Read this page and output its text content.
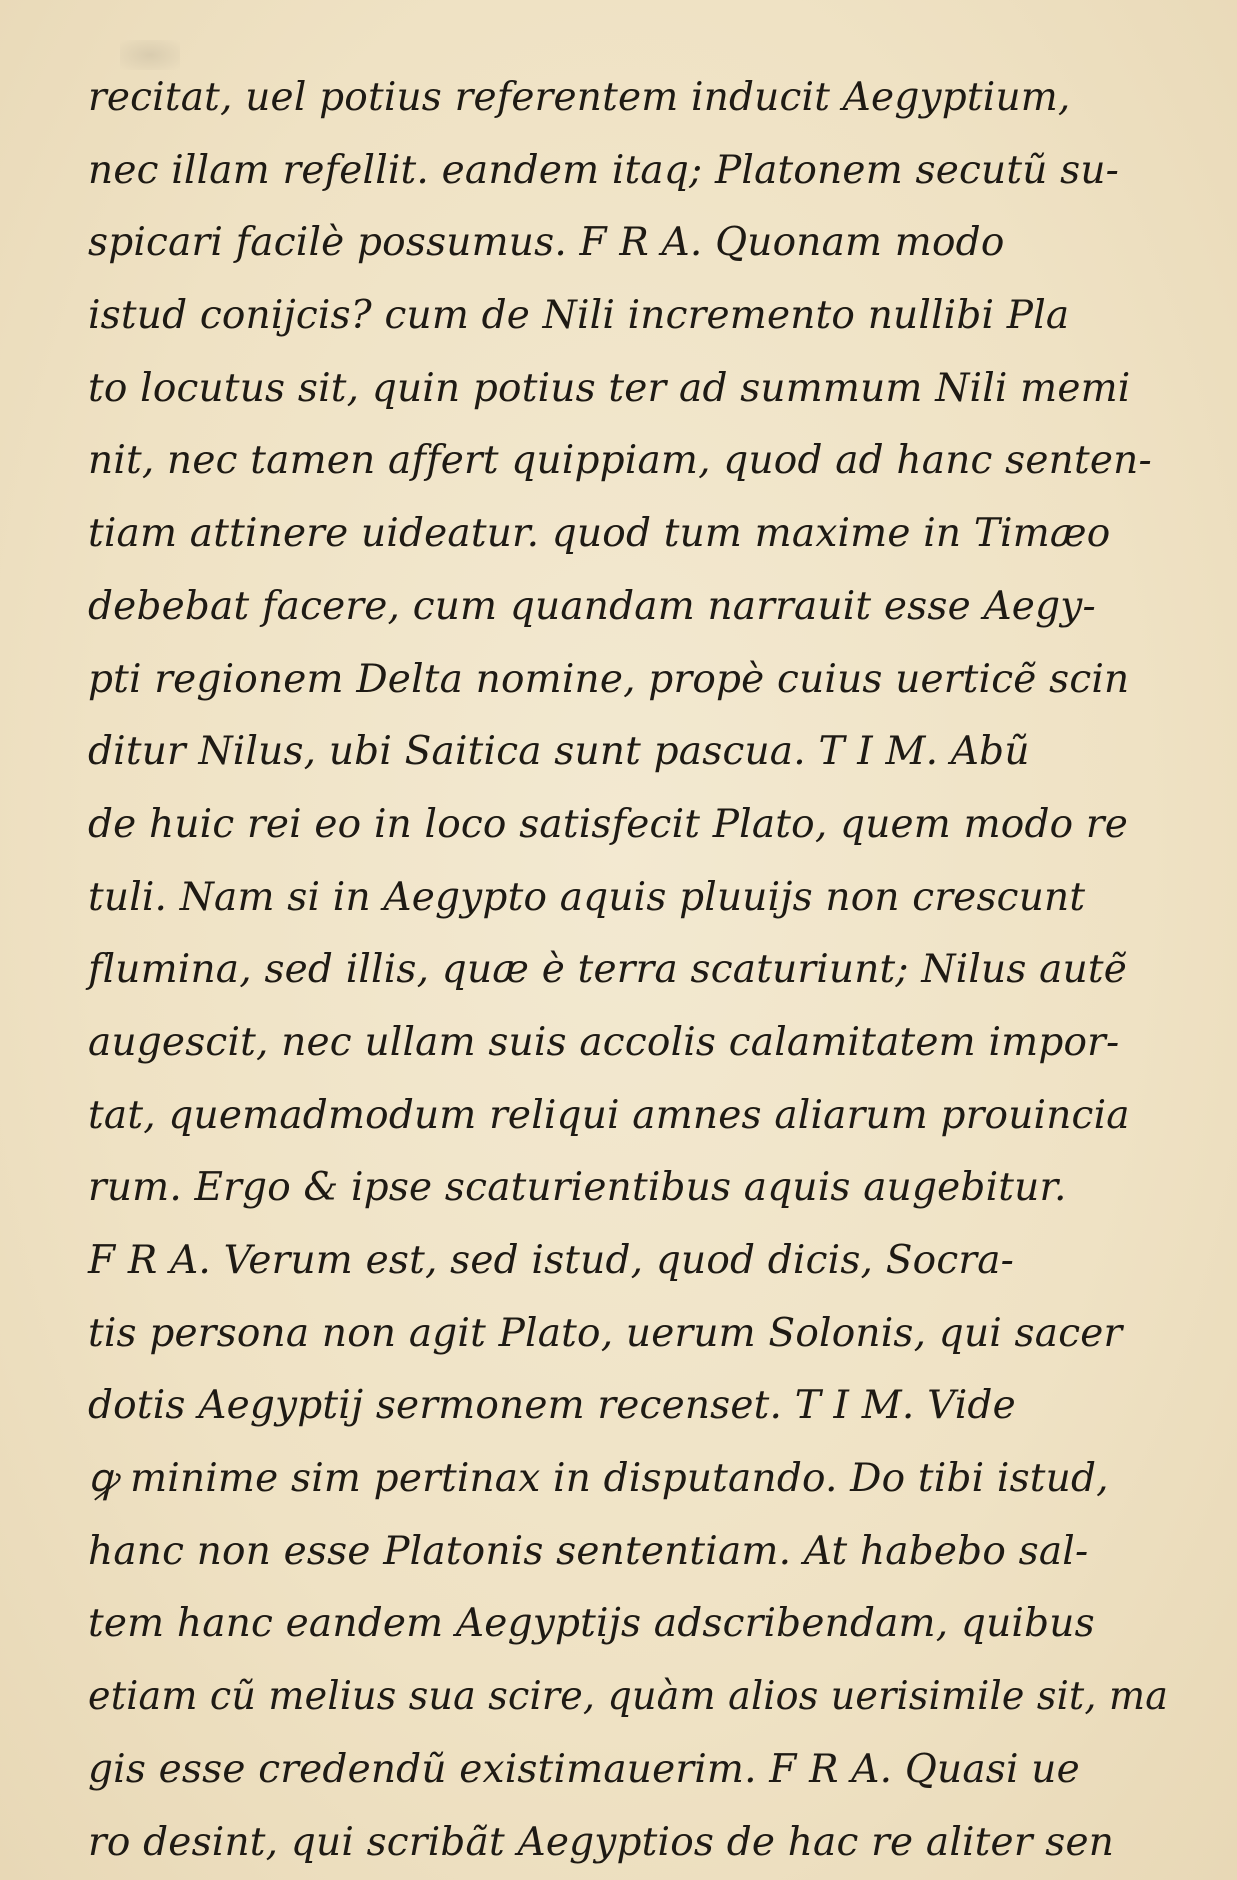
recitat, uel potius referentem inducit Aegyptium,
nec illam refellit. eandem itaq; Platonem secutũ su-
spicari facilè possumus. F R A. Quonam modo
istud conijcis? cum de Nili incremento nullibi Pla
to locutus sit, quin potius ter ad summum Nili memi
nit, nec tamen affert quippiam, quod ad hanc senten-
tiam attinere uideatur. quod tum maxime in Timæo
debebat facere, cum quandam narrauit esse Aegy-
pti regionem Delta nomine, propè cuius uerticẽ scin
ditur Nilus, ubi Saitica sunt pascua. T I M. Abũ
de huic rei eo in loco satisfecit Plato, quem modo re
tuli. Nam si in Aegypto aquis pluuijs non crescunt
flumina, sed illis, quæ è terra scaturiunt; Nilus autẽ
augescit, nec ullam suis accolis calamitatem impor-
tat, quemadmodum reliqui amnes aliarum prouincia
rum. Ergo & ipse scaturientibus aquis augebitur.
F R A. Verum est, sed istud, quod dicis, Socra-
tis persona non agit Plato, uerum Solonis, qui sacer
dotis Aegyptij sermonem recenset. T I M. Vide
ꝙ minime sim pertinax in disputando. Do tibi istud,
hanc non esse Platonis sententiam. At habebo sal-
tem hanc eandem Aegyptijs adscribendam, quibus
etiam cũ melius sua scire, quàm alios uerisimile sit, ma
gis esse credendũ existimauerim. F R A. Quasi ue
ro desint, qui scribãt Aegyptios de hac re aliter sen
